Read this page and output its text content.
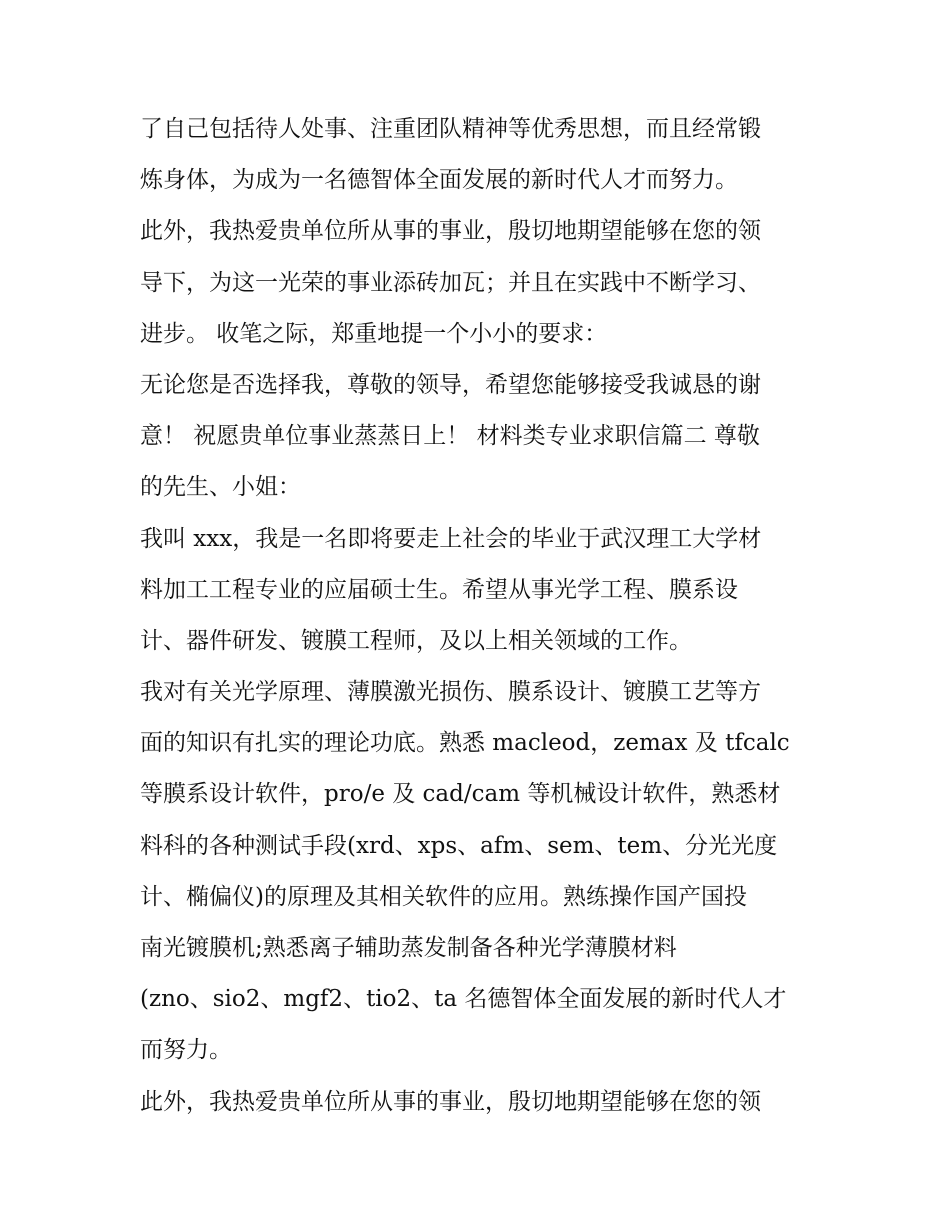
了自己包括待人处事、注重团队精神等优秀思想，而且经常锻
炼身体，为成为一名德智体全面发展的新时代人才而努力。
此外，我热爱贵单位所从事的事业，殷切地期望能够在您的领
导下，为这一光荣的事业添砖加瓦；并且在实践中不断学习、
进步。 收笔之际，郑重地提一个小小的要求：
无论您是否选择我，尊敬的领导，希望您能够接受我诚恳的谢
意！ 祝愿贵单位事业蒸蒸日上！ 材料类专业求职信篇二 尊敬
的先生、小姐：
我叫 xxx，我是一名即将要走上社会的毕业于武汉理工大学材
料加工工程专业的应届硕士生。希望从事光学工程、膜系设
计、器件研发、镀膜工程师，及以上相关领域的工作。
我对有关光学原理、薄膜激光损伤、膜系设计、镀膜工艺等方
面的知识有扎实的理论功底。熟悉 macleod，zemax 及 tfcalc
等膜系设计软件，pro/e 及 cad/cam 等机械设计软件，熟悉材
料科的各种测试手段(xrd、xps、afm、sem、tem、分光光度
计、椭偏仪)的原理及其相关软件的应用。熟练操作国产国投
南光镀膜机;熟悉离子辅助蒸发制备各种光学薄膜材料
(zno、sio2、mgf2、tio2、ta 名德智体全面发展的新时代人才
而努力。
此外，我热爱贵单位所从事的事业，殷切地期望能够在您的领
